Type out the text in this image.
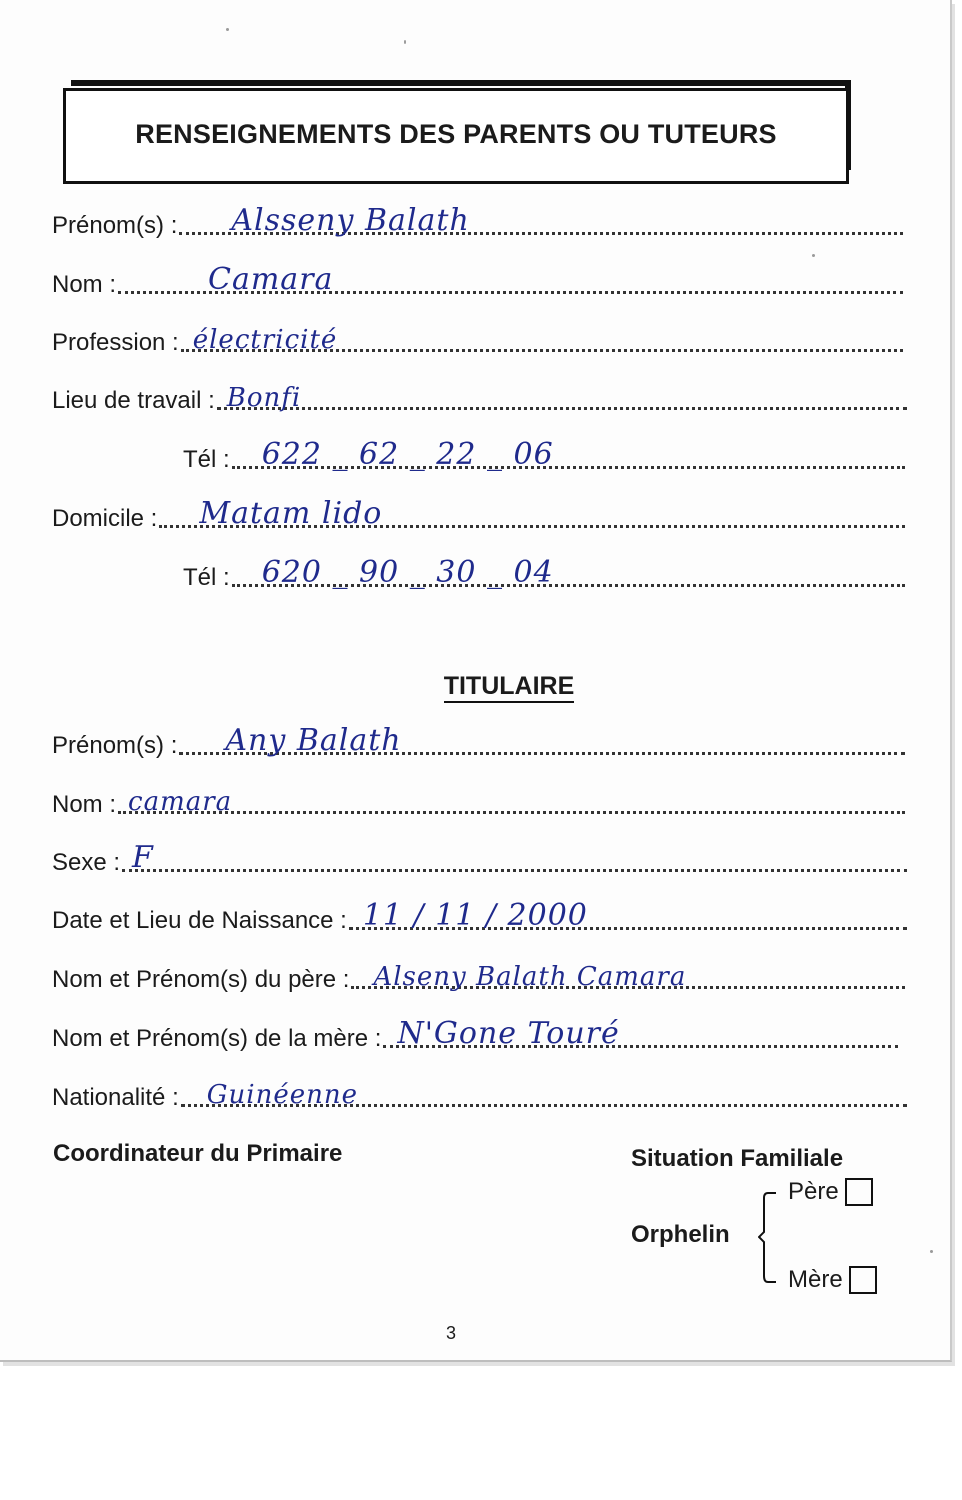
RENSEIGNEMENTS DES PARENTS OU TUTEURS
Prénom(s) : Alsseny Balath
Nom :	Camara
Profession : électricité
Lieu de travail : Bonfi
Tél : 622 _ 62 _ 22 _ 06
Domicile : Matam lido
Tél : 620 _ 90 _ 30 _ 04
TITULAIRE
Prénom(s) : Any Balath
Nom : camara
Sexe : F
Date et Lieu de Naissance : 11 / 11 / 2000
Nom et Prénom(s) du père : Alseny Balath Camara
Nom et Prénom(s) de la mère : N'Gone Touré
Nationalité : Guinéenne
Coordinateur du Primaire	Situation Familiale
Orphelin
Père
Mère
3
